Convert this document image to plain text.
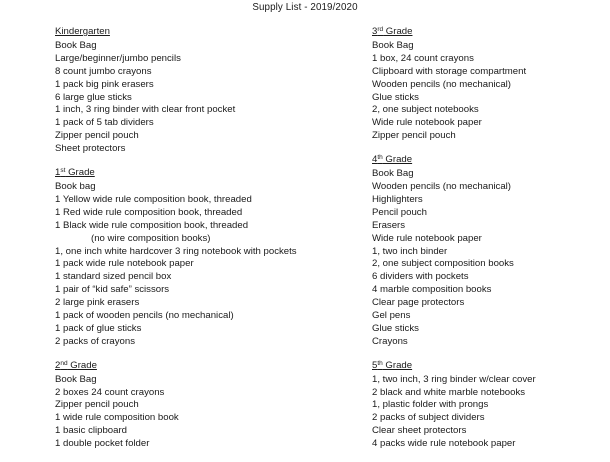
Supply List - 2019/2020
Kindergarten
Book Bag
Large/beginner/jumbo pencils
8 count jumbo crayons
1 pack big pink erasers
6 large glue sticks
1 inch, 3 ring binder with clear front pocket
1 pack of 5 tab dividers
Zipper pencil pouch
Sheet protectors
1st Grade
Book bag
1 Yellow wide rule composition book, threaded
1 Red wide rule composition book, threaded
1 Black wide rule composition book, threaded
(no wire composition books)
1, one inch white hardcover 3 ring notebook with pockets
1 pack wide rule notebook paper
1 standard sized pencil box
1 pair of “kid safe” scissors
2 large pink erasers
1 pack of wooden pencils (no mechanical)
1 pack of glue sticks
2 packs of crayons
2nd Grade
Book Bag
2 boxes 24 count crayons
Zipper pencil pouch
1 wide rule composition book
1 basic clipboard
1 double pocket folder
3rd Grade
Book Bag
1 box, 24 count crayons
Clipboard with storage compartment
Wooden pencils (no mechanical)
Glue sticks
2, one subject notebooks
Wide rule notebook paper
Zipper pencil pouch
4th Grade
Book Bag
Wooden pencils (no mechanical)
Highlighters
Pencil pouch
Erasers
Wide rule notebook paper
1, two inch binder
2, one subject composition books
6 dividers with pockets
4 marble composition books
Clear page protectors
Gel pens
Glue sticks
Crayons
5th Grade
1, two inch, 3 ring binder w/clear cover
2 black and white marble notebooks
1, plastic folder with prongs
2 packs of subject dividers
Clear sheet protectors
4 packs wide rule notebook paper
